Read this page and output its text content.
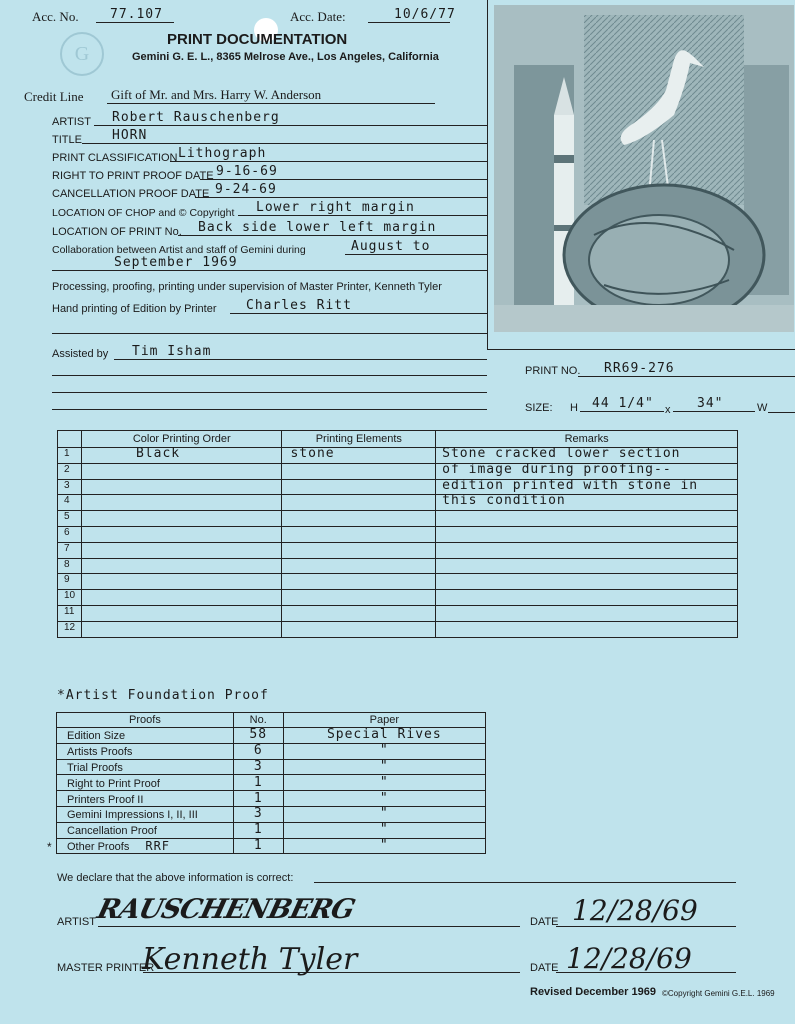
Acc. No.	77.107	Acc. Date:	10/6/77
G
PRINT DOCUMENTATION
Gemini G. E. L., 8365 Melrose Ave., Los Angeles, California
Credit Line	Gift of Mr. and Mrs. Harry W. Anderson
ARTIST	Robert Rauschenberg
TITLE	HORN
PRINT CLASSIFICATION Lithograph
RIGHT TO PRINT PROOF DATE 9-16-69
CANCELLATION PROOF DATE 9-24-69
LOCATION OF CHOP and © Copyright	Lower right margin
LOCATION OF PRINT No.	Back side lower left margin
Collaboration between Artist and staff of Gemini during	August to
September 1969
Processing, proofing, printing under supervision of Master Printer, Kenneth Tyler
Hand printing of Edition by Printer	Charles Ritt
Assisted by	Tim Isham
PRINT NO.	RR69-276
SIZE: H	44 1/4"	x	34"	W
	Color Printing Order	Printing Elements	Remarks
1	Black	stone	Stone cracked lower section
2			of image during proofing--
3			edition printed with stone in
4			this condition
5			
6			
7			
8			
9			
10			
11			
12			
*Artist Foundation Proof
Proofs	No.	Paper

Edition Size	58	Special Rives

Artists Proofs	6	"

Trial Proofs	3	"

Right to Print Proof	1	"

Printers Proof II	1	"

Gemini Impressions I, II, III	3	"

Cancellation Proof	1	"

* Other Proofs RRF	1	"
We declare that the above information is correct:
ARTIST
RAUSCHENBERG
MASTER PRINTER
Kenneth Tyler
DATE 12/28/69
DATE 12/28/69
Revised December 1969 ©Copyright Gemini G.E.L. 1969
